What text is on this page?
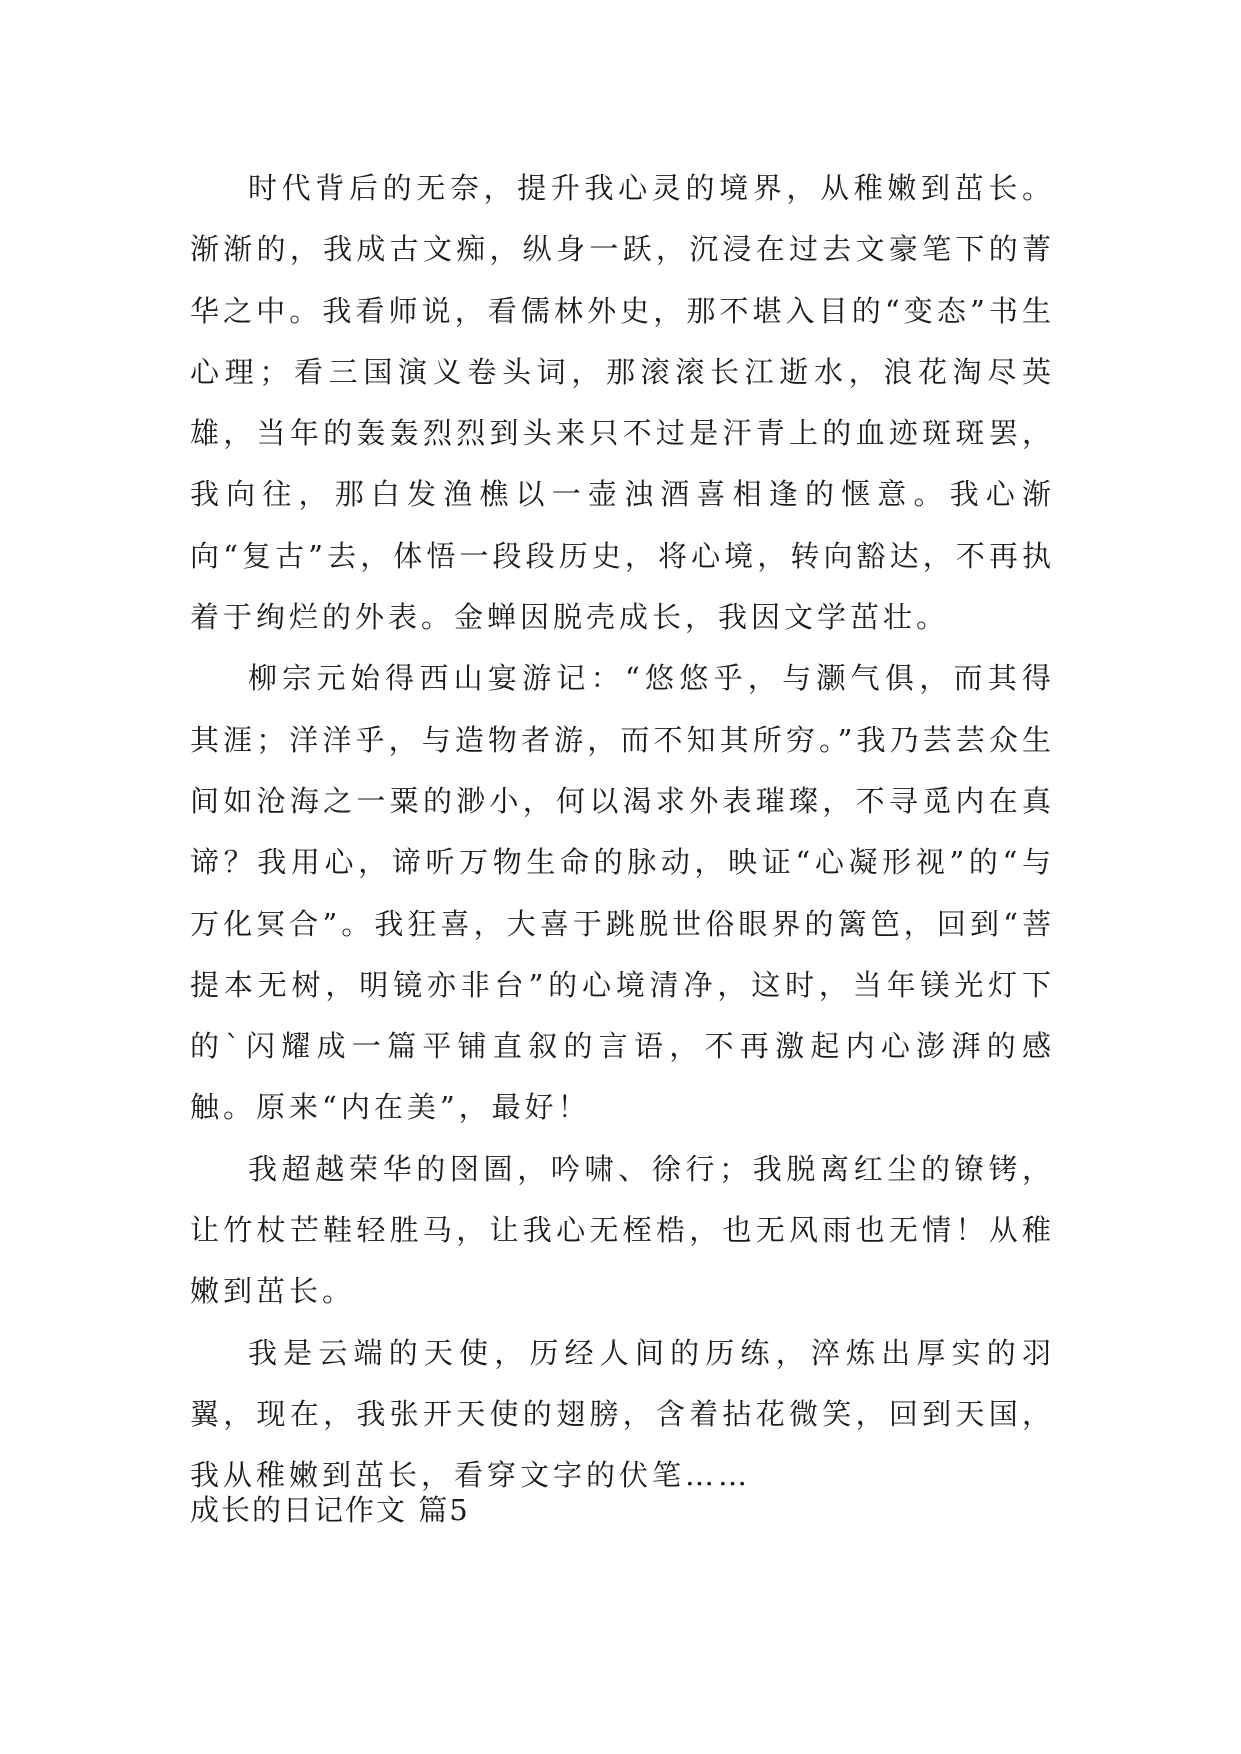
时代背后的无奈，提升我心灵的境界，从稚嫩到茁长。渐渐的，我成古文痴，纵身一跃，沉浸在过去文豪笔下的菁华之中。我看师说，看儒林外史，那不堪入目的“变态”书生心理；看三国演义卷头词，那滚滚长江逝水，浪花淘尽英雄，当年的轰轰烈烈到头来只不过是汗青上的血迹斑斑罢，我向往，那白发渔樵以一壶浊酒喜相逢的惬意。我心渐向“复古”去，体悟一段段历史，将心境，转向豁达，不再执着于绚烂的外表。金蝉因脱壳成长，我因文学茁壮。

柳宗元始得西山宴游记：“悠悠乎，与灏气俱，而其得其涯；洋洋乎，与造物者游，而不知其所穷。”我乃芸芸众生间如沧海之一粟的渺小，何以渴求外表璀璨，不寻觅内在真谛？我用心，谛听万物生命的脉动，映证“心凝形视”的“与万化冥合”。我狂喜，大喜于跳脱世俗眼界的篱笆，回到“菩提本无树，明镜亦非台”的心境清净，这时，当年镁光灯下的`闪耀成一篇平铺直叙的言语，不再激起内心澎湃的感触。原来“内在美”，最好！

我超越荣华的囹圄，吟啸、徐行；我脱离红尘的镣铐，让竹杖芒鞋轻胜马，让我心无桎梏，也无风雨也无情！从稚嫩到茁长。

我是云端的天使，历经人间的历练，淬炼出厚实的羽翼，现在，我张开天使的翅膀，含着拈花微笑，回到天国，我从稚嫩到茁长，看穿文字的伏笔……

成长的日记作文 篇5
